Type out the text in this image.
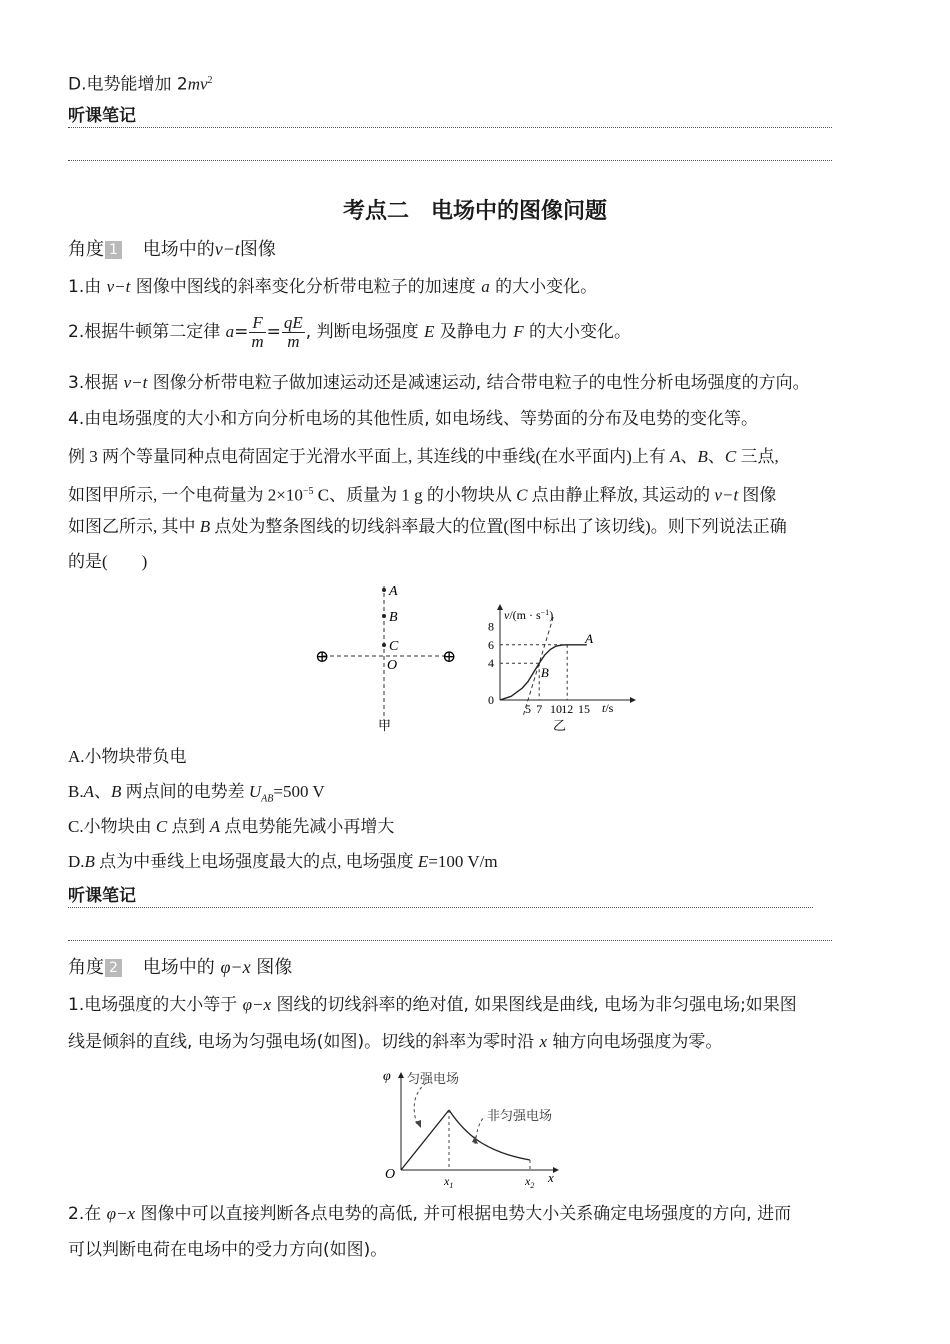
D.电势能增加 $2mv^2$
听课笔记
考点二　电场中的图像问题
角度 1 电场中的v−t图像
1.由 v−t 图像中图线的斜率变化分析带电粒子的加速度 a 的大小变化。
2.根据牛顿第二定律 $a= \frac{F}{m} = \frac{qE}{m}$ , 判断电场强度 E 及静电力 F 的大小变化。
3.根据 v−t 图像分析带电粒子做加速运动还是减速运动, 结合带电粒子的电性分析电场强度的方向。
4.由电场强度的大小和方向分析电场的其他性质, 如电场线、等势面的分布及电势的变化等。
例 3 两个等量同种点电荷固定于光滑水平面上, 其连线的中垂线(在水平面内)上有 A、B、C 三点,
如图甲所示, 一个电荷量为 $2\times 10^{-5}$ C、质量为 1 g 的小物块从 C 点由静止释放, 其运动的 v−t 图像
如图乙所示, 其中 B 点处为整条图线的切线斜率最大的位置(图中标出了该切线)。则下列说法正确
的是(　　)
⊕	⊕
A
B
C
O
甲
$v/(m \cdot s^{-1})$
8
6
4
0
5 7 10 12 15
A
B
t/s
乙
A.小物块带负电
B.A、B 两点间的电势差 $U_{AB}=500$ V
C.小物块由 C 点到 A 点电势能先减小再增大
D.B 点为中垂线上电场强度最大的点, 电场强度 E=100 V/m
听课笔记
角度 2 电场中的 φ−x 图像
1.电场强度的大小等于 φ−x 图线的切线斜率的绝对值, 如果图线是曲线, 电场为非匀强电场;如果图
线是倾斜的直线, 电场为匀强电场(如图)。切线的斜率为零时沿 x 轴方向电场强度为零。
φ
O	x
$x_1$	$x_2$
匀强电场
非匀强电场
2.在 φ−x 图像中可以直接判断各点电势的高低, 并可根据电势大小关系确定电场强度的方向, 进而
可以判断电荷在电场中的受力方向(如图)。
